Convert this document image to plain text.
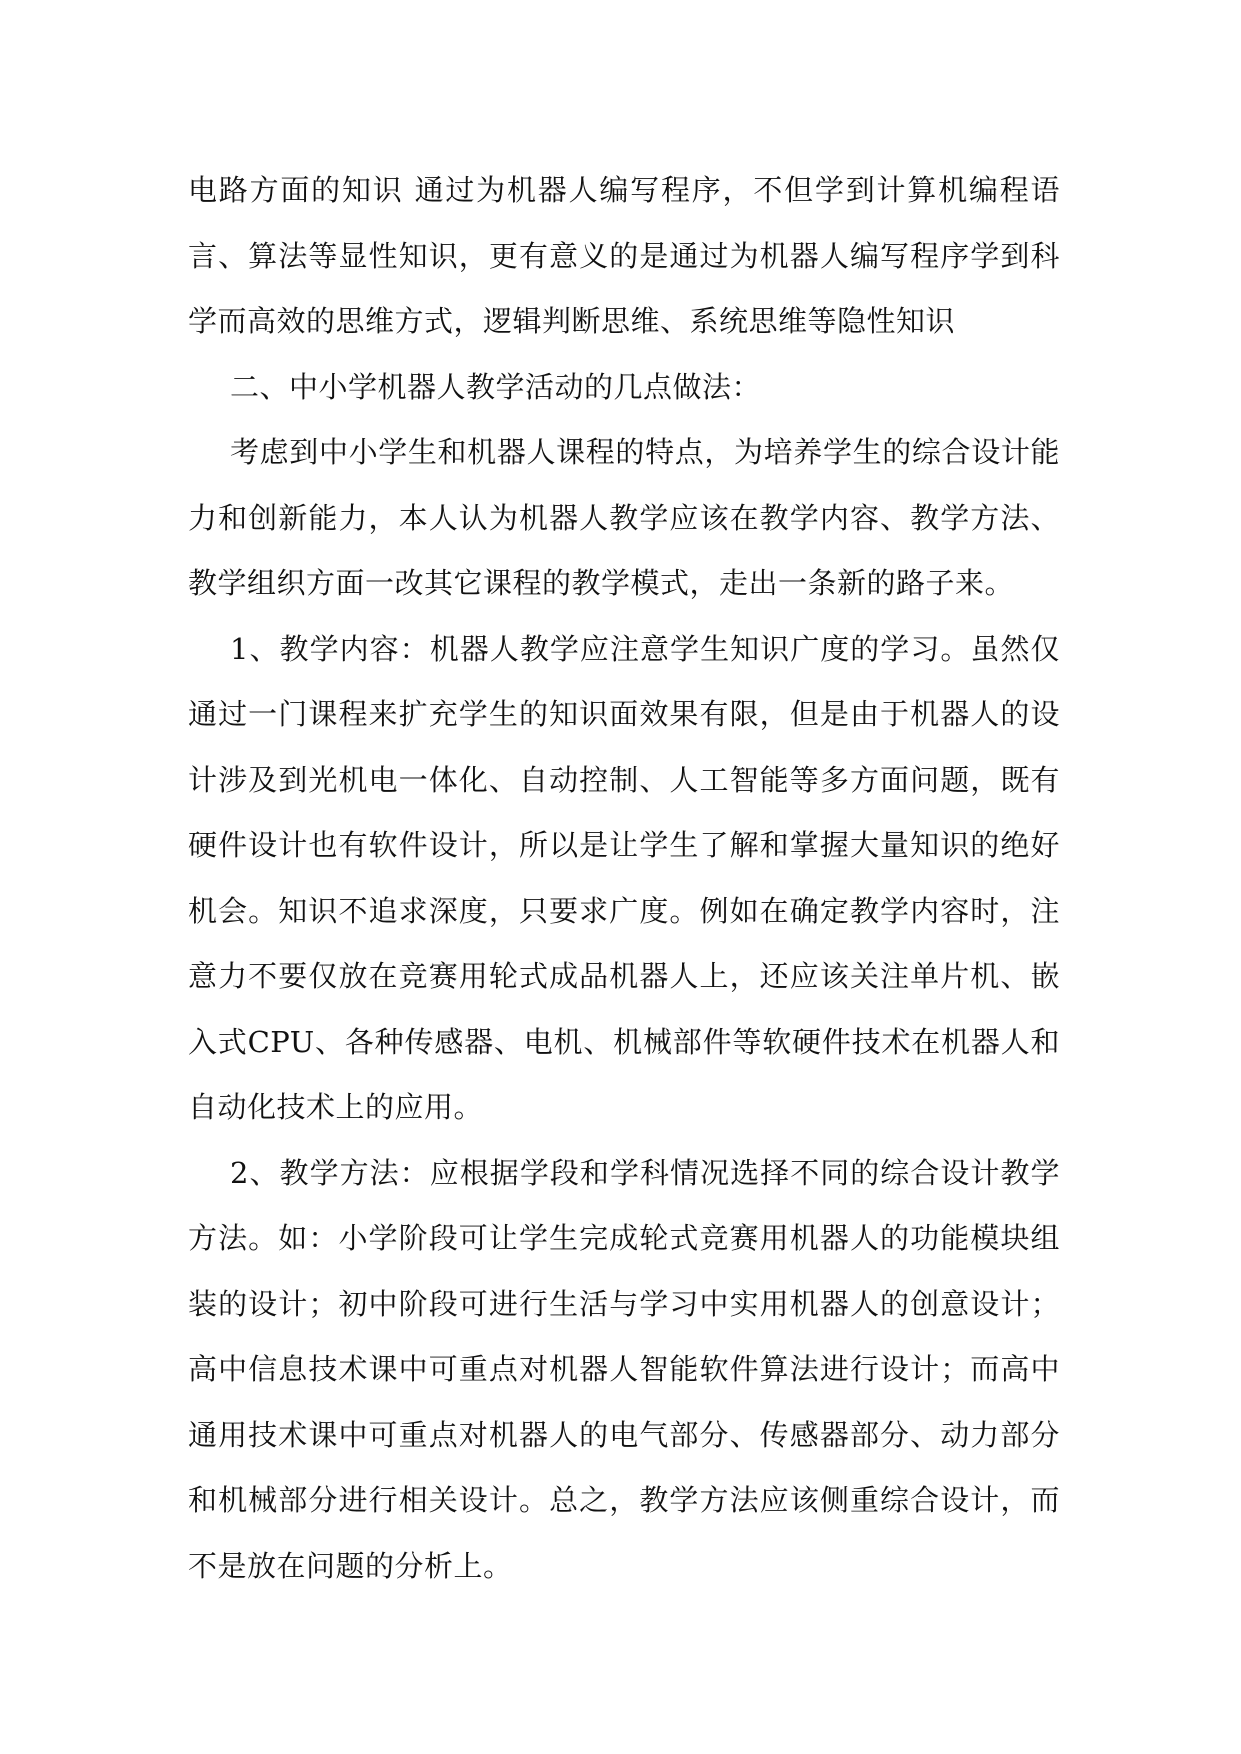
电路方面的知识 通过为机器人编写程序，不但学到计算机编程语言、算法等显性知识，更有意义的是通过为机器人编写程序学到科学而高效的思维方式，逻辑判断思维、系统思维等隐性知识

二、中小学机器人教学活动的几点做法：

考虑到中小学生和机器人课程的特点，为培养学生的综合设计能力和创新能力，本人认为机器人教学应该在教学内容、教学方法、教学组织方面一改其它课程的教学模式，走出一条新的路子来。

1、教学内容：机器人教学应注意学生知识广度的学习。虽然仅通过一门课程来扩充学生的知识面效果有限，但是由于机器人的设计涉及到光机电一体化、自动控制、人工智能等多方面问题，既有硬件设计也有软件设计，所以是让学生了解和掌握大量知识的绝好机会。知识不追求深度，只要求广度。例如在确定教学内容时，注意力不要仅放在竞赛用轮式成品机器人上，还应该关注单片机、嵌入式CPU、各种传感器、电机、机械部件等软硬件技术在机器人和自动化技术上的应用。

2、教学方法：应根据学段和学科情况选择不同的综合设计教学方法。如：小学阶段可让学生完成轮式竞赛用机器人的功能模块组装的设计；初中阶段可进行生活与学习中实用机器人的创意设计；高中信息技术课中可重点对机器人智能软件算法进行设计；而高中通用技术课中可重点对机器人的电气部分、传感器部分、动力部分和机械部分进行相关设计。总之，教学方法应该侧重综合设计，而不是放在问题的分析上。
